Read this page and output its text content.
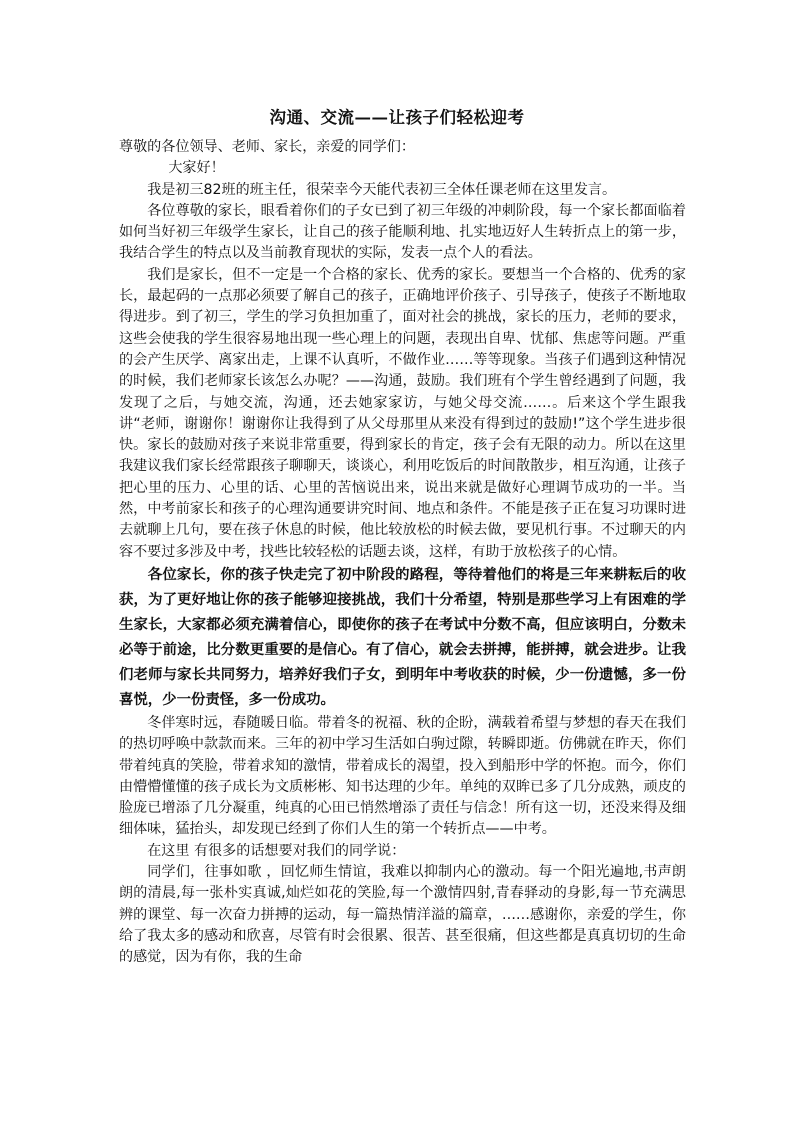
沟通、交流——让孩子们轻松迎考

尊敬的各位领导、老师、家长，亲爱的同学们：

大家好！

我是初三82班的班主任，很荣幸今天能代表初三全体任课老师在这里发言。

各位尊敬的家长，眼看着你们的子女已到了初三年级的冲刺阶段，每一个家长都面临着如何当好初三年级学生家长，让自己的孩子能顺利地、扎实地迈好人生转折点上的第一步，我结合学生的特点以及当前教育现状的实际，发表一点个人的看法。

我们是家长，但不一定是一个合格的家长、优秀的家长。要想当一个合格的、优秀的家长，最起码的一点那必须要了解自己的孩子，正确地评价孩子、引导孩子，使孩子不断地取得进步。到了初三，学生的学习负担加重了，面对社会的挑战，家长的压力，老师的要求，这些会使我的学生很容易地出现一些心理上的问题，表现出自卑、忧郁、焦虑等问题。严重的会产生厌学、离家出走，上课不认真听，不做作业……等等现象。当孩子们遇到这种情况的时候，我们老师家长该怎么办呢？——沟通，鼓励。我们班有个学生曾经遇到了问题，我发现了之后，与她交流，沟通，还去她家家访，与她父母交流……。后来这个学生跟我讲“老师，谢谢你！谢谢你让我得到了从父母那里从来没有得到过的鼓励!”这个学生进步很快。家长的鼓励对孩子来说非常重要，得到家长的肯定，孩子会有无限的动力。所以在这里我建议我们家长经常跟孩子聊聊天，谈谈心，利用吃饭后的时间散散步，相互沟通，让孩子把心里的压力、心里的话、心里的苦恼说出来，说出来就是做好心理调节成功的一半。当然，中考前家长和孩子的心理沟通要讲究时间、地点和条件。不能是孩子正在复习功课时进去就聊上几句，要在孩子休息的时候，他比较放松的时候去做，要见机行事。不过聊天的内容不要过多涉及中考，找些比较轻松的话题去谈，这样，有助于放松孩子的心情。

各位家长，你的孩子快走完了初中阶段的路程，等待着他们的将是三年来耕耘后的收获，为了更好地让你的孩子能够迎接挑战，我们十分希望，特别是那些学习上有困难的学生家长，大家都必须充满着信心，即使你的孩子在考试中分数不高，但应该明白，分数未必等于前途，比分数更重要的是信心。有了信心，就会去拼搏，能拼搏，就会进步。让我们老师与家长共同努力，培养好我们子女，到明年中考收获的时候，少一份遗憾，多一份喜悦，少一份责怪，多一份成功。

冬伴寒时远，春随暖日临。带着冬的祝福、秋的企盼，满载着希望与梦想的春天在我们的热切呼唤中款款而来。三年的初中学习生活如白驹过隙，转瞬即逝。仿佛就在昨天，你们带着纯真的笑脸，带着求知的激情，带着成长的渴望，投入到船形中学的怀抱。而今，你们由懵懵懂懂的孩子成长为文质彬彬、知书达理的少年。单纯的双眸已多了几分成熟，顽皮的脸庞已增添了几分凝重，纯真的心田已悄然增添了责任与信念！所有这一切，还没来得及细细体味，猛抬头，却发现已经到了你们人生的第一个转折点——中考。

在这里 有很多的话想要对我们的同学说：

同学们，往事如歌 ，回忆师生情谊，我难以抑制内心的激动。每一个阳光遍地,书声朗朗的清晨,每一张朴实真诚,灿烂如花的笑脸,每一个激情四射,青春驿动的身影,每一节充满思辨的课堂、每一次奋力拼搏的运动，每一篇热情洋溢的篇章，……感谢你，亲爱的学生，你给了我太多的感动和欣喜，尽管有时会很累、很苦、甚至很痛，但这些都是真真切切的生命的感觉，因为有你，我的生命
